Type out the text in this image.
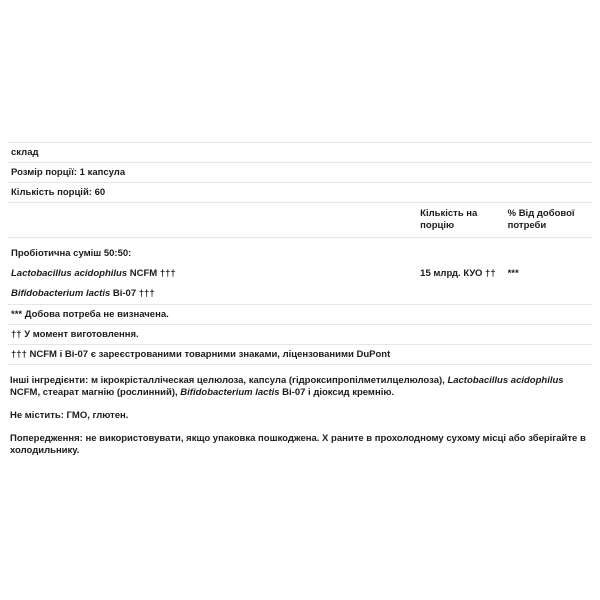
склад		
Розмір порції: 1 капсула		
Кількість порцій: 60		
	Кількість на порцію	% Від добової потреби
Пробіотична суміш 50:50:		
Lactobacillus acidophilus NCFM †††	15 млрд. КУО ††	***
Bifidobacterium lactis Bi-07 †††		
*** Добова потреба не визначена.		
†† У момент виготовлення.		
††† NCFM і Bi-07 є зареєстрованими товарними знаками, ліцензованими DuPont		

Інші інгредієнти: м ікрокрісталліческая целюлоза, капсула (гідроксипропілметилцелюлоза), Lactobacillus acidophilus NCFM, стеарат магнію (рослинний), Bifidobacterium lactis Bi-07 і діоксид кремнію.

Не містить: ГМО, глютен.

Попередження: не використовувати, якщо упаковка пошкоджена. Х раните в прохолодному сухому місці або зберігайте в холодильнику.
